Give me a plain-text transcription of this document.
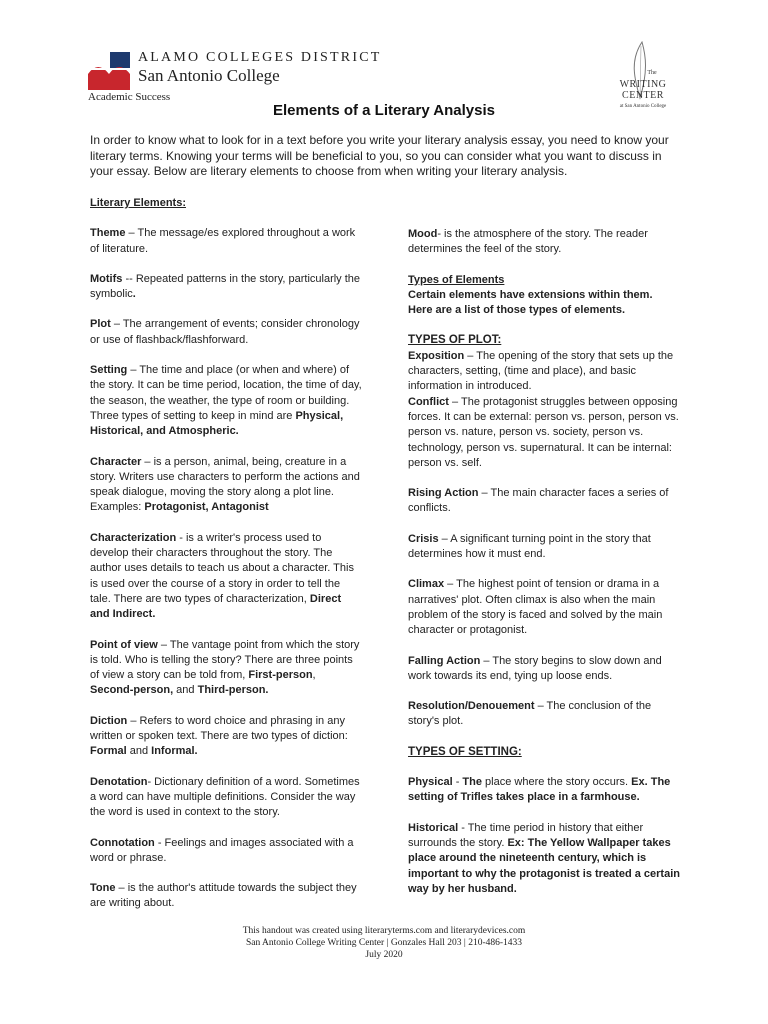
ALAMO COLLEGES DISTRICT
San Antonio College
Academic Success
The
WRITING CENTER
at San Antonio College
Elements of a Literary Analysis
In order to know what to look for in a text before you write your literary analysis essay, you need to know your literary terms. Knowing your terms will be beneficial to you, so you can consider what you want to discuss in your essay. Below are literary elements to choose from when writing your literary analysis.

Literary Elements:

Theme – The message/es explored throughout a work of literature.

Motifs -- Repeated patterns in the story, particularly the symbolic.

Plot – The arrangement of events; consider chronology or use of flashback/flashforward.

Setting – The time and place (or when and where) of the story. It can be time period, location, the time of day, the season, the weather, the type of room or building. Three types of setting to keep in mind are Physical, Historical, and Atmospheric.

Character – is a person, animal, being, creature in a story. Writers use characters to perform the actions and speak dialogue, moving the story along a plot line. Examples: Protagonist, Antagonist

Characterization - is a writer's process used to develop their characters throughout the story. The author uses details to teach us about a character. This is used over the course of a story in order to tell the tale. There are two types of characterization, Direct and Indirect.

Point of view – The vantage point from which the story is told. Who is telling the story? There are three points of view a story can be told from, First-person, Second-person, and Third-person.

Diction – Refers to word choice and phrasing in any written or spoken text. There are two types of diction: Formal and Informal.

Denotation- Dictionary definition of a word. Sometimes a word can have multiple definitions. Consider the way the word is used in context to the story.

Connotation - Feelings and images associated with a word or phrase.

Tone – is the author's attitude towards the subject they are writing about.

Mood- is the atmosphere of the story. The reader determines the feel of the story.

Types of Elements

Certain elements have extensions within them. Here are a list of those types of elements.

TYPES OF PLOT:

Exposition – The opening of the story that sets up the characters, setting, (time and place), and basic information in introduced.

Conflict – The protagonist struggles between opposing forces. It can be external: person vs. person, person vs. person vs. nature, person vs. society, person vs. technology, person vs. supernatural. It can be internal: person vs. self.

Rising Action – The main character faces a series of conflicts.

Crisis – A significant turning point in the story that determines how it must end.

Climax – The highest point of tension or drama in a narratives' plot. Often climax is also when the main problem of the story is faced and solved by the main character or protagonist.

Falling Action – The story begins to slow down and work towards its end, tying up loose ends.

Resolution/Denouement – The conclusion of the story's plot.

TYPES OF SETTING:

Physical - The place where the story occurs. Ex. The setting of Trifles takes place in a farmhouse.

Historical - The time period in history that either surrounds the story. Ex: The Yellow Wallpaper takes place around the nineteenth century, which is important to why the protagonist is treated a certain way by her husband.

This handout was created using literaryterms.com and literarydevices.com
San Antonio College Writing Center | Gonzales Hall 203 | 210-486-1433
July 2020
